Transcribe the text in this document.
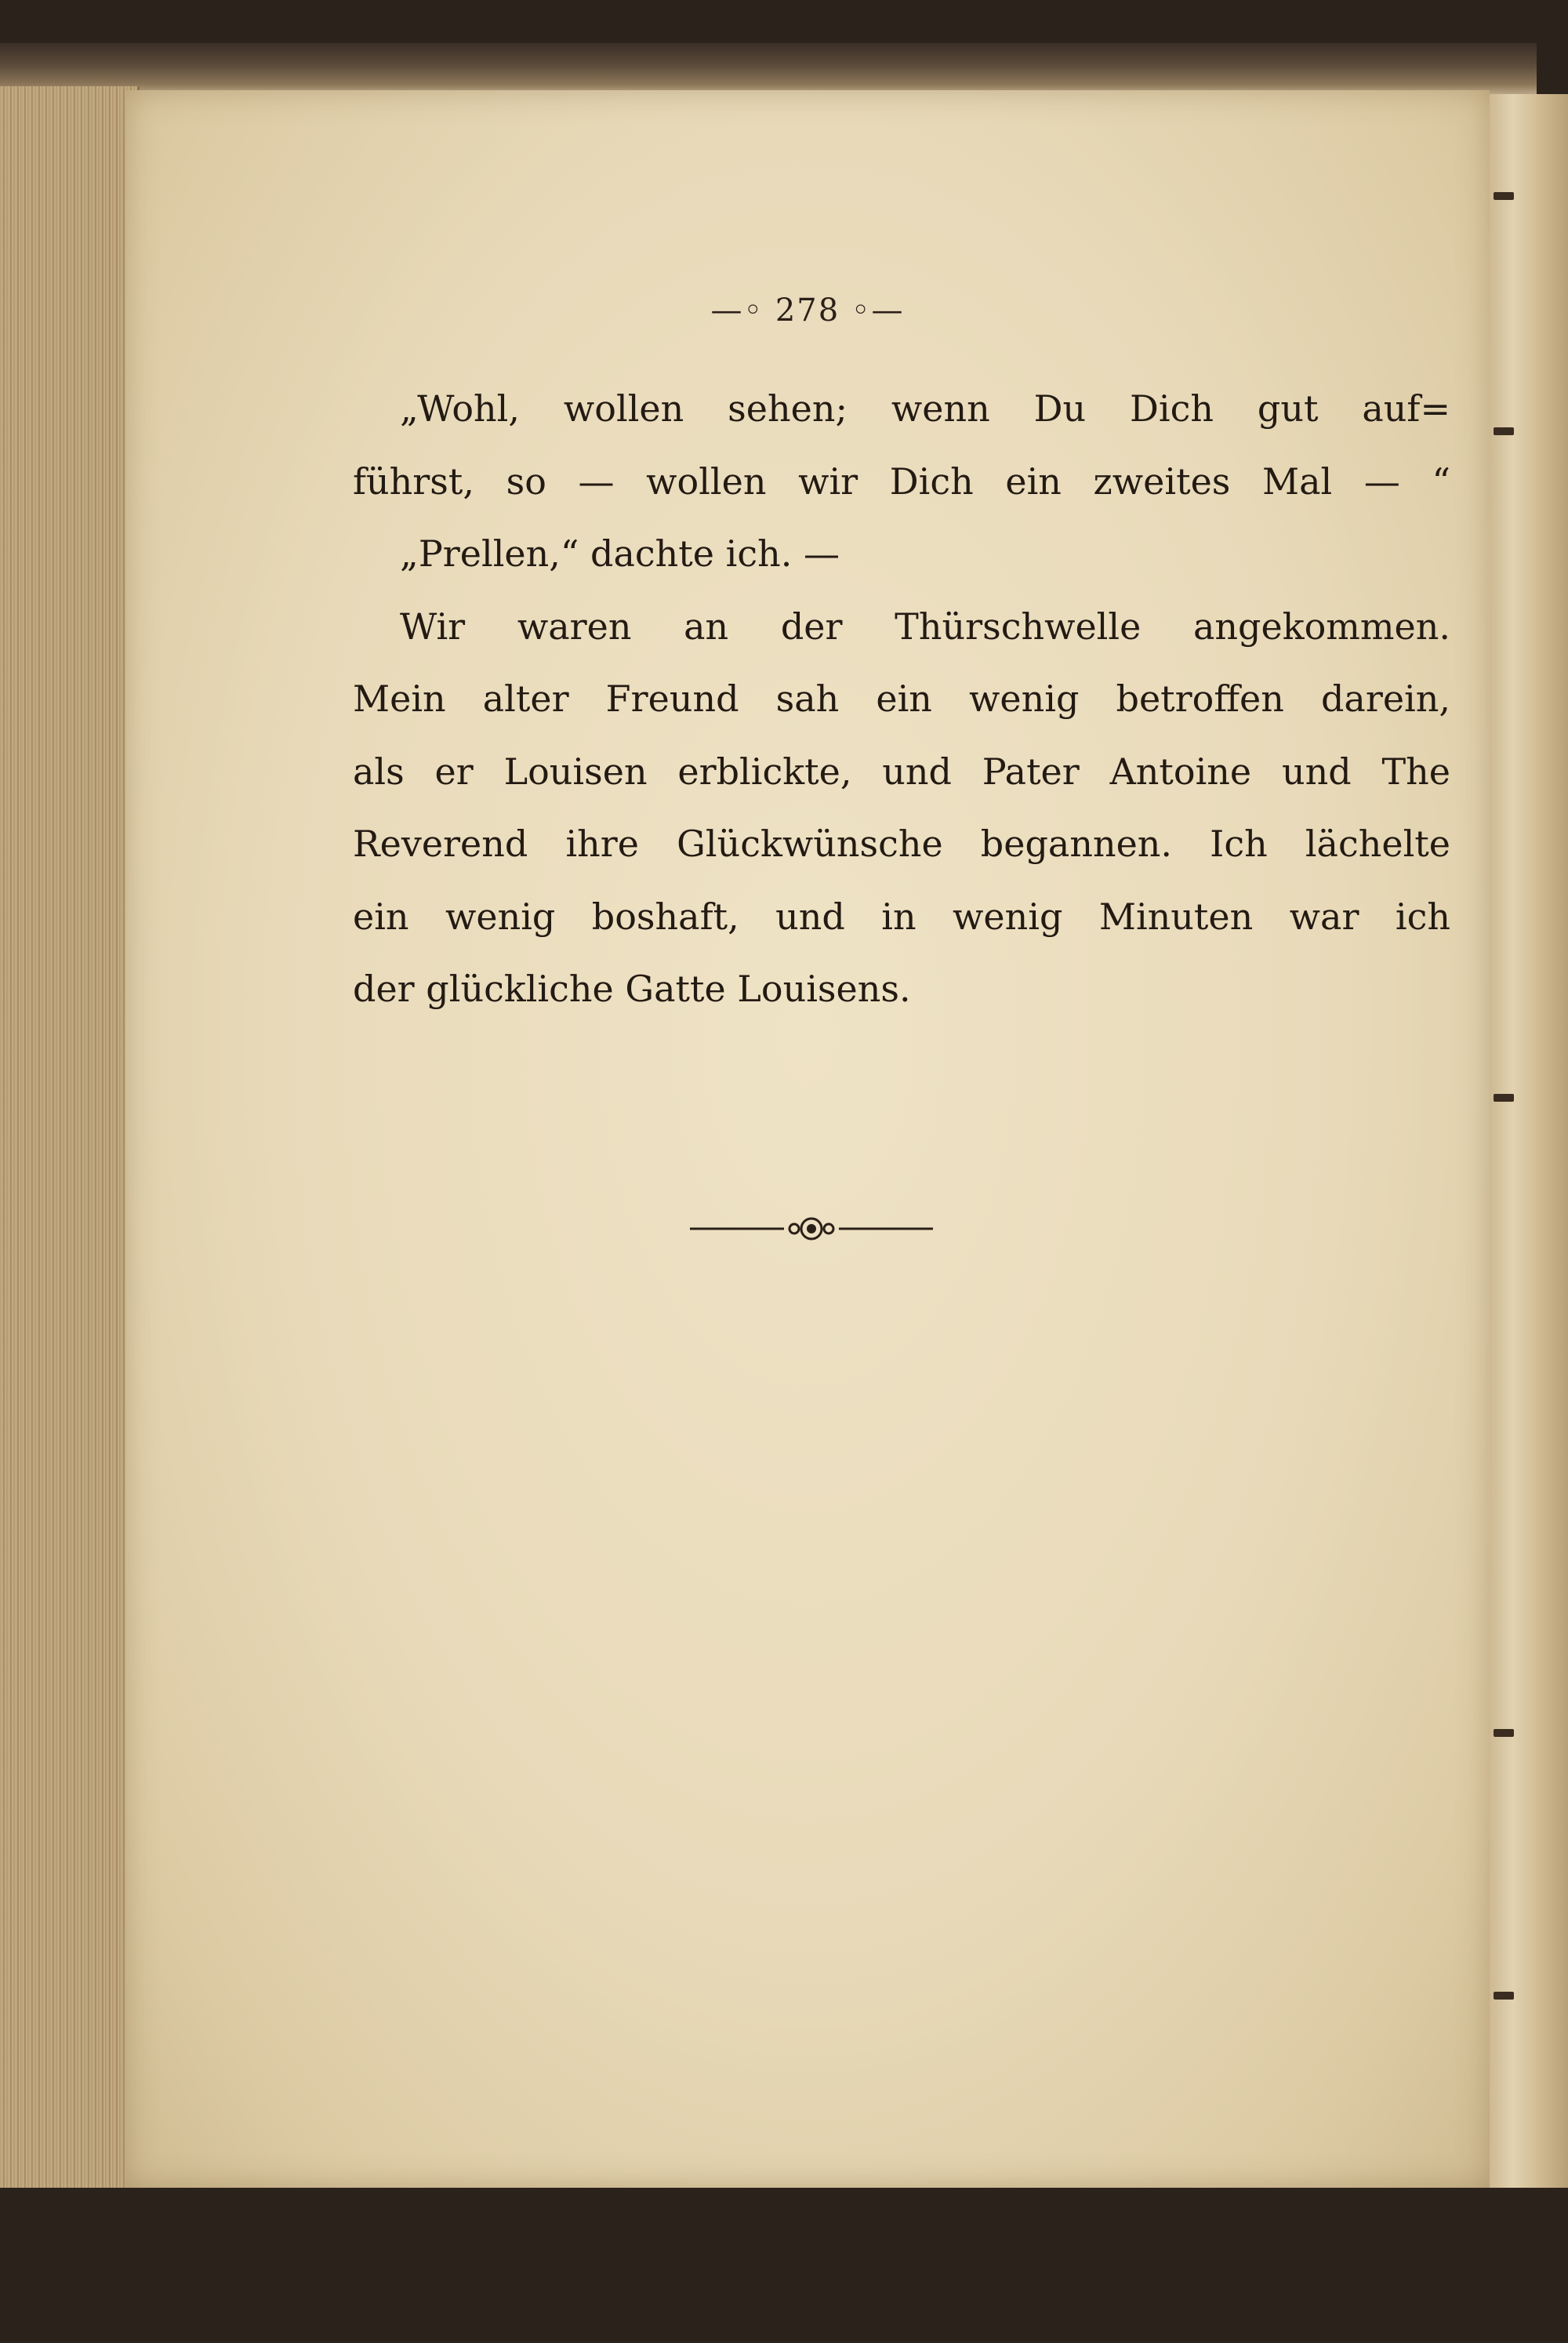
—◦ 278 ◦—
„Wohl, wollen sehen; wenn Du Dich gut auf=
führst, so — wollen wir Dich ein zweites Mal — “
„Prellen,“ dachte ich. —
Wir waren an der Thürschwelle angekommen.
Mein alter Freund sah ein wenig betroffen darein,
als er Louisen erblickte, und Pater Antoine und The
Reverend ihre Glückwünsche begannen. Ich lächelte
ein wenig boshaft, und in wenig Minuten war ich
der glückliche Gatte Louisens.
